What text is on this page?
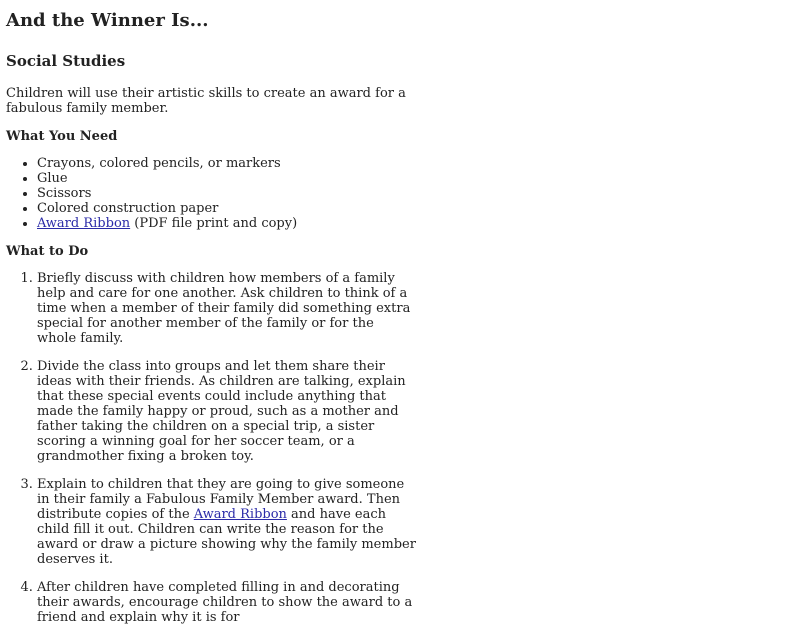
And the Winner Is...
Social Studies

Children will use their artistic skills to create an award for a fabulous family member.

What You Need
• Crayons, colored pencils, or markers
• Glue
• Scissors
• Colored construction paper
• Award Ribbon (PDF file print and copy)
What to Do
1. Briefly discuss with children how members of a family help and care for one another. Ask children to think of a time when a member of their family did something extra special for another member of the family or for the whole family.
2. Divide the class into groups and let them share their ideas with their friends. As children are talking, explain that these special events could include anything that made the family happy or proud, such as a mother and father taking the children on a special trip, a sister scoring a winning goal for her soccer team, or a grandmother fixing a broken toy.
3. Explain to children that they are going to give someone in their family a Fabulous Family Member award. Then distribute copies of the Award Ribbon and have each child fill it out. Children can write the reason for the award or draw a picture showing why the family member deserves it.
4. After children have completed filling in and decorating their awards, encourage children to show the award to a friend and explain why it is for
